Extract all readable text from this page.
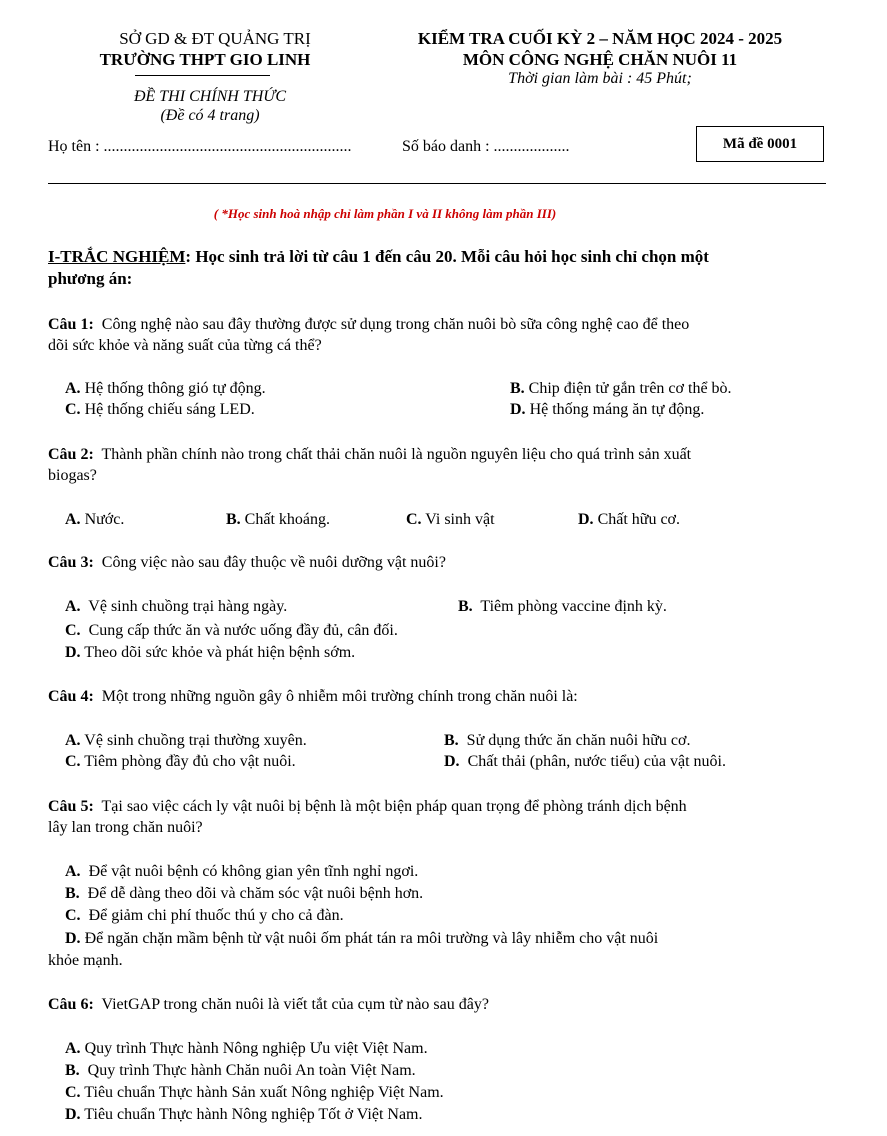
SỞ GD & ĐT QUẢNG TRỊ
TRƯỜNG THPT GIO LINH
ĐỀ THI CHÍNH THỨC
(Đề có 4 trang)
KIỂM TRA CUỐI KỲ 2 – NĂM HỌC 2024 - 2025
MÔN CÔNG NGHỆ CHĂN NUÔI 11
Thời gian làm bài : 45 Phút;
Họ tên : ..............................................................	Số báo danh : ...................	Mã đề 0001
( *Học sinh hoà nhập chỉ làm phần I và II không làm phần III)
I-TRẮC NGHIỆM: Học sinh trả lời từ câu 1 đến câu 20. Mỗi câu hỏi học sinh chỉ chọn một
phương án:
Câu 1: Công nghệ nào sau đây thường được sử dụng trong chăn nuôi bò sữa công nghệ cao để theo
dõi sức khỏe và năng suất của từng cá thể?
A. Hệ thống thông gió tự động.	B. Chip điện tử gắn trên cơ thể bò.
C. Hệ thống chiếu sáng LED.	D. Hệ thống máng ăn tự động.
Câu 2: Thành phần chính nào trong chất thải chăn nuôi là nguồn nguyên liệu cho quá trình sản xuất
biogas?
A. Nước.	B. Chất khoáng.	C. Vi sinh vật	D. Chất hữu cơ.
Câu 3: Công việc nào sau đây thuộc về nuôi dưỡng vật nuôi?
A. Vệ sinh chuồng trại hàng ngày.	B. Tiêm phòng vaccine định kỳ.
C. Cung cấp thức ăn và nước uống đầy đủ, cân đối.
D. Theo dõi sức khỏe và phát hiện bệnh sớm.
Câu 4: Một trong những nguồn gây ô nhiễm môi trường chính trong chăn nuôi là:
A. Vệ sinh chuồng trại thường xuyên.	B. Sử dụng thức ăn chăn nuôi hữu cơ.
C. Tiêm phòng đầy đủ cho vật nuôi.	D. Chất thải (phân, nước tiểu) của vật nuôi.
Câu 5: Tại sao việc cách ly vật nuôi bị bệnh là một biện pháp quan trọng để phòng tránh dịch bệnh
lây lan trong chăn nuôi?
A. Để vật nuôi bệnh có không gian yên tĩnh nghỉ ngơi.
B. Để dễ dàng theo dõi và chăm sóc vật nuôi bệnh hơn.
C. Để giảm chi phí thuốc thú y cho cả đàn.
D. Để ngăn chặn mầm bệnh từ vật nuôi ốm phát tán ra môi trường và lây nhiễm cho vật nuôi
khỏe mạnh.
Câu 6: VietGAP trong chăn nuôi là viết tắt của cụm từ nào sau đây?
A. Quy trình Thực hành Nông nghiệp Ưu việt Việt Nam.
B. Quy trình Thực hành Chăn nuôi An toàn Việt Nam.
C. Tiêu chuẩn Thực hành Sản xuất Nông nghiệp Việt Nam.
D. Tiêu chuẩn Thực hành Nông nghiệp Tốt ở Việt Nam.
